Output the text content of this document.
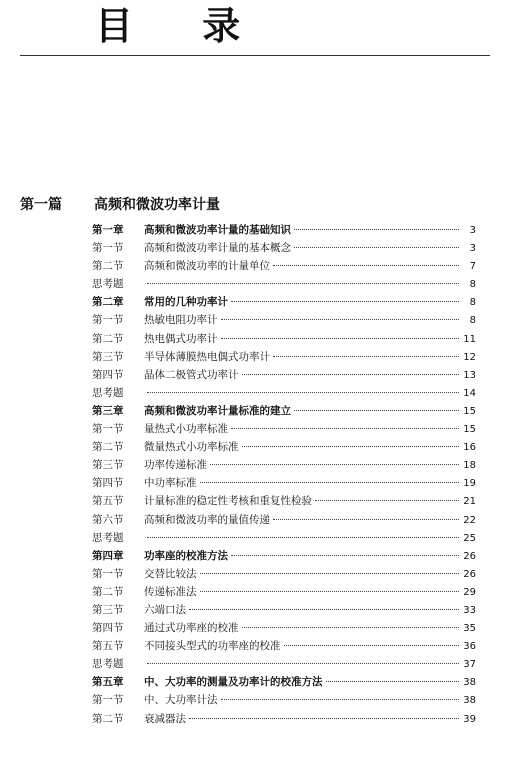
目 录
第一篇 高频和微波功率计量
第一章	高频和微波功率计量的基础知识	3
第一节	高频和微波功率计量的基本概念	3
第二节	高频和微波功率的计量单位	7
思考题	8
第二章	常用的几种功率计	8
第一节	热敏电阻功率计	8
第二节	热电偶式功率计	11
第三节	半导体薄膜热电偶式功率计	12
第四节	晶体二极管式功率计	13
思考题	14
第三章	高频和微波功率计量标准的建立	15
第一节	量热式小功率标准	15
第二节	微量热式小功率标准	16
第三节	功率传递标准	18
第四节	中功率标准	19
第五节	计量标准的稳定性考核和重复性检验	21
第六节	高频和微波功率的量值传递	22
思考题	25
第四章	功率座的校准方法	26
第一节	交替比较法	26
第二节	传递标准法	29
第三节	六端口法	33
第四节	通过式功率座的校准	35
第五节	不同接头型式的功率座的校准	36
思考题	37
第五章	中、大功率的测量及功率计的校准方法	38
第一节	中、大功率计法	38
第二节	衰减器法	39
